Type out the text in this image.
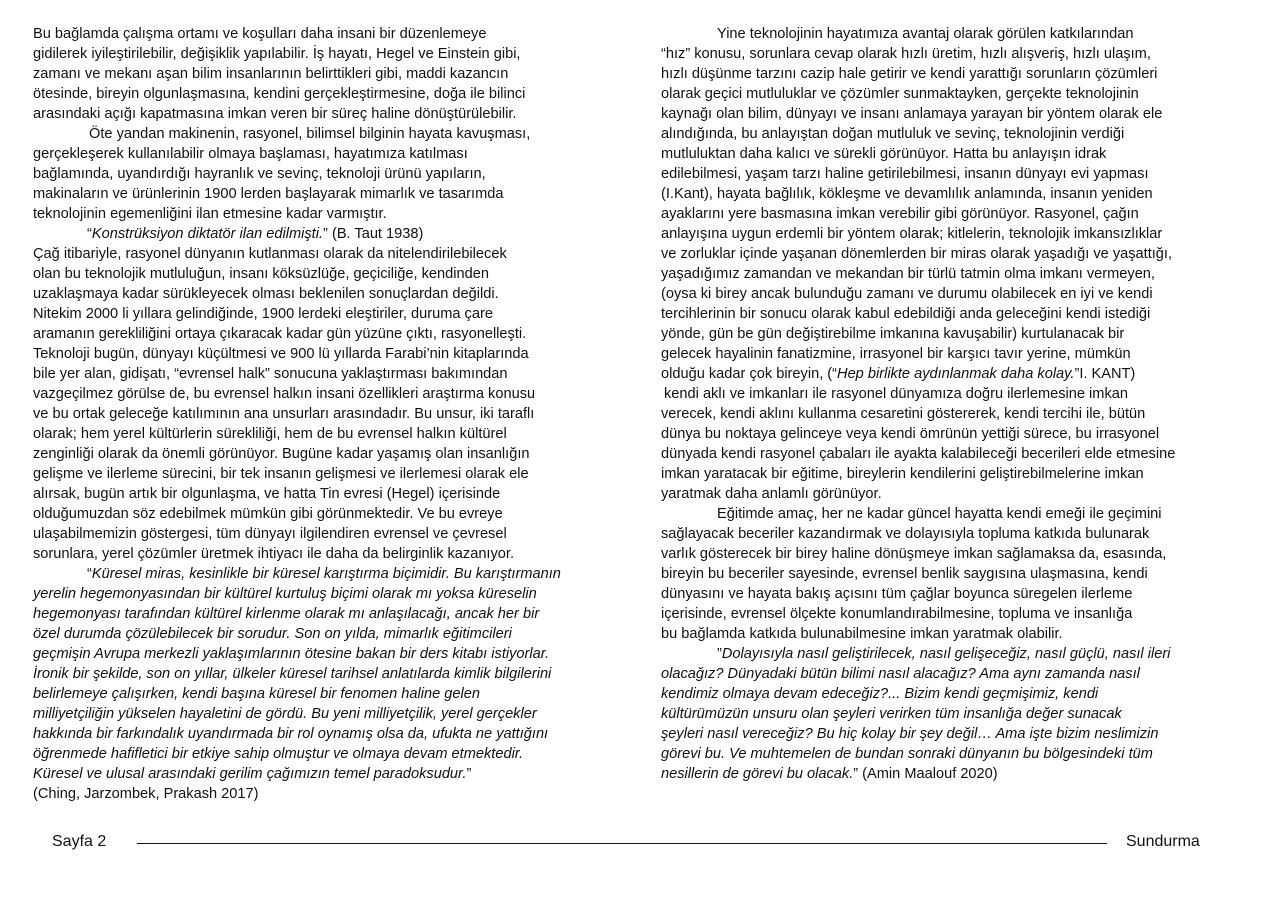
Bu bağlamda çalışma ortamı ve koşulları daha insani bir düzenlemeye
gidilerek iyileştirilebilir, değişiklik yapılabilir. İş hayatı, Hegel ve Einstein gibi,
zamanı ve mekanı aşan bilim insanlarının belirttikleri gibi, maddi kazancın
ötesinde, bireyin olgunlaşmasına, kendini gerçekleştirmesine, doğa ile bilinci
arasındaki açığı kapatmasına imkan veren bir süreç haline dönüştürülebilir.
Öte yandan makinenin, rasyonel, bilimsel bilginin hayata kavuşması,
gerçekleşerek kullanılabilir olmaya başlaması, hayatımıza katılması
bağlamında, uyandırdığı hayranlık ve sevinç, teknoloji ürünü yapıların,
makinaların ve ürünlerinin 1900 lerden başlayarak mimarlık ve tasarımda
teknolojinin egemenliğini ilan etmesine kadar varmıştır.
“Konstrüksiyon diktatör ilan edilmişti.” (B. Taut 1938)
Çağ itibariyle, rasyonel dünyanın kutlanması olarak da nitelendirilebilecek
olan bu teknolojik mutluluğun, insanı köksüzlüğe, geçiciliğe, kendinden
uzaklaşmaya kadar sürükleyecek olması beklenilen sonuçlardan değildi.
Nitekim 2000 li yıllara gelindiğinde, 1900 lerdeki eleştiriler, duruma çare
aramanın gerekliliğini ortaya çıkaracak kadar gün yüzüne çıktı, rasyonelleşti.
Teknoloji bugün, dünyayı küçültmesi ve 900 lü yıllarda Farabi’nin kitaplarında
bile yer alan, gidişatı, “evrensel halk” sonucuna yaklaştırması bakımından
vazgeçilmez görülse de, bu evrensel halkın insani özellikleri araştırma konusu
ve bu ortak geleceğe katılımının ana unsurları arasındadır. Bu unsur, iki taraflı
olarak; hem yerel kültürlerin sürekliliği, hem de bu evrensel halkın kültürel
zenginliği olarak da önemli görünüyor. Bugüne kadar yaşamış olan insanlığın
gelişme ve ilerleme sürecini, bir tek insanın gelişmesi ve ilerlemesi olarak ele
alırsak, bugün artık bir olgunlaşma, ve hatta Tin evresi (Hegel) içerisinde
olduğumuzdan söz edebilmek mümkün gibi görünmektedir. Ve bu evreye
ulaşabilmemizin göstergesi, tüm dünyayı ilgilendiren evrensel ve çevresel
sorunlara, yerel çözümler üretmek ihtiyacı ile daha da belirginlik kazanıyor.
“Küresel miras, kesinlikle bir küresel karıştırma biçimidir. Bu karıştırmanın
yerelin hegemonyasından bir kültürel kurtuluş biçimi olarak mı yoksa küreselin
hegemonyası tarafından kültürel kirlenme olarak mı anlaşılacağı, ancak her bir
özel durumda çözülebilecek bir sorudur. Son on yılda, mimarlık eğitimcileri
geçmişin Avrupa merkezli yaklaşımlarının ötesine bakan bir ders kitabı istiyorlar.
İronik bir şekilde, son on yıllar, ülkeler küresel tarihsel anlatılarda kimlik bilgilerini
belirlemeye çalışırken, kendi başına küresel bir fenomen haline gelen
milliyetçiliğin yükselen hayaletini de gördü. Bu yeni milliyetçilik, yerel gerçekler
hakkında bir farkındalık uyandırmada bir rol oynamış olsa da, ufukta ne yattığını
öğrenmede hafifletici bir etkiye sahip olmuştur ve olmaya devam etmektedir.
Küresel ve ulusal arasındaki gerilim çağımızın temel paradoksudur.”
(Ching, Jarzombek, Prakash 2017)
Yine teknolojinin hayatımıza avantaj olarak görülen katkılarından
“hız” konusu, sorunlara cevap olarak hızlı üretim, hızlı alışveriş, hızlı ulaşım,
hızlı düşünme tarzını cazip hale getirir ve kendi yarattığı sorunların çözümleri
olarak geçici mutluluklar ve çözümler sunmaktayken, gerçekte teknolojinin
kaynağı olan bilim, dünyayı ve insanı anlamaya yarayan bir yöntem olarak ele
alındığında, bu anlayıştan doğan mutluluk ve sevinç, teknolojinin verdiği
mutluluktan daha kalıcı ve sürekli görünüyor. Hatta bu anlayışın idrak
edilebilmesi, yaşam tarzı haline getirilebilmesi, insanın dünyayı evi yapması
(I.Kant), hayata bağlılık, kökleşme ve devamlılık anlamında, insanın yeniden
ayaklarını yere basmasına imkan verebilir gibi görünüyor. Rasyonel, çağın
anlayışına uygun erdemli bir yöntem olarak; kitlelerin, teknolojik imkansızlıklar
ve zorluklar içinde yaşanan dönemlerden bir miras olarak yaşadığı ve yaşattığı,
yaşadığımız zamandan ve mekandan bir türlü tatmin olma imkanı vermeyen,
(oysa ki birey ancak bulunduğu zamanı ve durumu olabilecek en iyi ve kendi
tercihlerinin bir sonucu olarak kabul edebildiği anda geleceğini kendi istediği
yönde, gün be gün değiştirebilme imkanına kavuşabilir) kurtulanacak bir
gelecek hayalinin fanatizmine, irrasyonel bir karşıcı tavır yerine, mümkün
olduğu kadar çok bireyin, (“Hep birlikte aydınlanmak daha kolay.”I. KANT)
kendi aklı ve imkanları ile rasyonel dünyamıza doğru ilerlemesine imkan
verecek, kendi aklını kullanma cesaretini göstererek, kendi tercihi ile, bütün
dünya bu noktaya gelinceye veya kendi ömrünün yettiği sürece, bu irrasyonel
dünyada kendi rasyonel çabaları ile ayakta kalabileceği becerileri elde etmesine
imkan yaratacak bir eğitime, bireylerin kendilerini geliştirebilmelerine imkan
yaratmak daha anlamlı görünüyor.
Eğitimde amaç, her ne kadar güncel hayatta kendi emeği ile geçimini
sağlayacak beceriler kazandırmak ve dolayısıyla topluma katkıda bulunarak
varlık gösterecek bir birey haline dönüşmeye imkan sağlamaksa da, esasında,
bireyin bu beceriler sayesinde, evrensel benlik saygısına ulaşmasına, kendi
dünyasını ve hayata bakış açısını tüm çağlar boyunca süregelen ilerleme
içerisinde, evrensel ölçekte konumlandırabilmesine, topluma ve insanlığa
bu bağlamda katkıda bulunabilmesine imkan yaratmak olabilir.
”Dolayısıyla nasıl geliştirilecek, nasıl gelişeceğiz, nasıl güçlü, nasıl ileri
olacağız? Dünyadaki bütün bilimi nasıl alacağız? Ama aynı zamanda nasıl
kendimiz olmaya devam edeceğiz?... Bizim kendi geçmişimiz, kendi
kültürümüzün unsuru olan şeyleri verirken tüm insanlığa değer sunacak
şeyleri nasıl vereceğiz? Bu hiç kolay bir şey değil… Ama işte bizim neslimizin
görevi bu. Ve muhtemelen de bundan sonraki dünyanın bu bölgesindeki tüm
nesillerin de görevi bu olacak.” (Amin Maalouf 2020)
Sayfa 2	Sundurma
